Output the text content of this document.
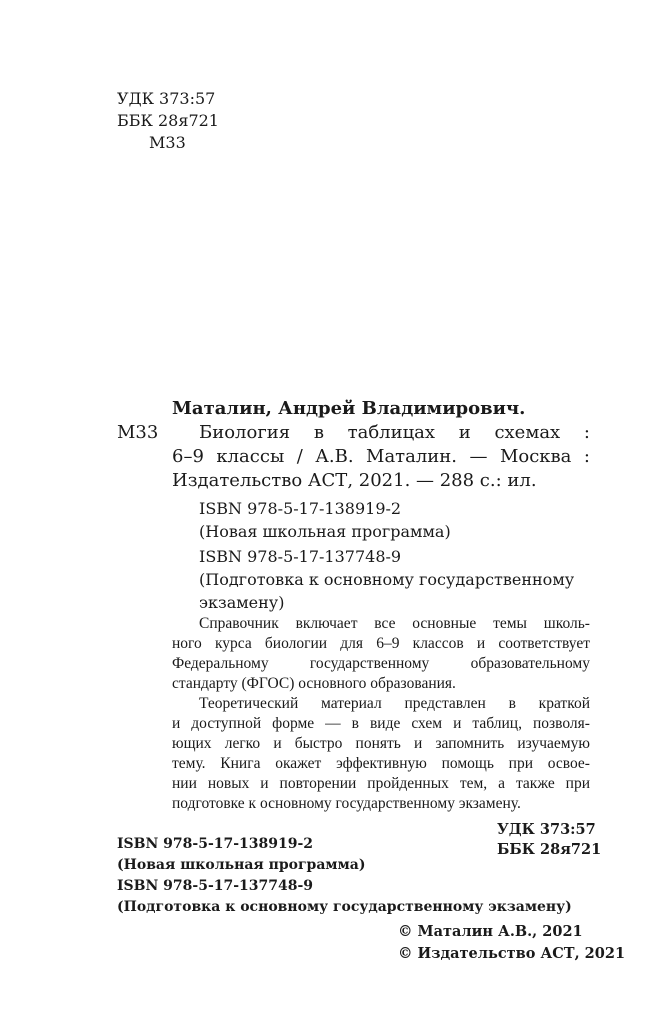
УДК 373:57
ББК 28я721
М33
Маталин, Андрей Владимирович.
М33 Биология в таблицах и схемах :
6–9 классы / А.В. Маталин. — Москва :
Издательство АСТ, 2021. — 288 с.: ил.
ISBN 978-5-17-138919-2
(Новая школьная программа)
ISBN 978-5-17-137748-9
(Подготовка к основному государственному
экзамену)
Справочник включает все основные темы школь-
ного курса биологии для 6–9 классов и соответствует
Федеральному	государственному	образовательному
стандарту (ФГОС) основного образования.
Теоретический материал представлен в краткой
и доступной форме — в виде схем и таблиц, позволя-
ющих легко и быстро понять и запомнить изучаемую
тему. Книга окажет эффективную помощь при освое-
нии новых и повторении пройденных тем, а также при
подготовке к основному государственному экзамену.
УДК 373:57
ББК 28я721
ISBN 978-5-17-138919-2
(Новая школьная программа)
ISBN 978-5-17-137748-9
(Подготовка к основному государственному экзамену)
© Маталин А.В., 2021
© Издательство АСТ, 2021
